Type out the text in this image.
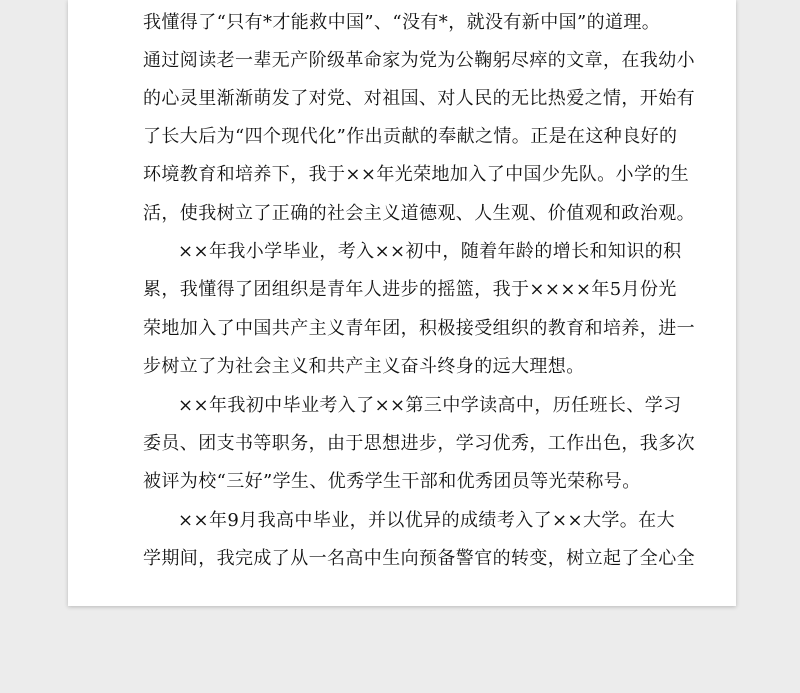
我懂得了“只有*才能救中国”、“没有*，就没有新中国”的道理。
通过阅读老一辈无产阶级革命家为党为公鞠躬尽瘁的文章，在我幼小
的心灵里渐渐萌发了对党、对祖国、对人民的无比热爱之情，开始有
了长大后为“四个现代化”作出贡献的奉献之情。正是在这种良好的
环境教育和培养下，我于××年光荣地加入了中国少先队。小学的生
活，使我树立了正确的社会主义道德观、人生观、价值观和政治观。
××年我小学毕业，考入××初中，随着年龄的增长和知识的积
累，我懂得了团组织是青年人进步的摇篮，我于××××年5月份光
荣地加入了中国共产主义青年团，积极接受组织的教育和培养，进一
步树立了为社会主义和共产主义奋斗终身的远大理想。
××年我初中毕业考入了××第三中学读高中，历任班长、学习
委员、团支书等职务，由于思想进步，学习优秀，工作出色，我多次
被评为校“三好”学生、优秀学生干部和优秀团员等光荣称号。
××年9月我高中毕业，并以优异的成绩考入了××大学。在大
学期间，我完成了从一名高中生向预备警官的转变，树立起了全心全
